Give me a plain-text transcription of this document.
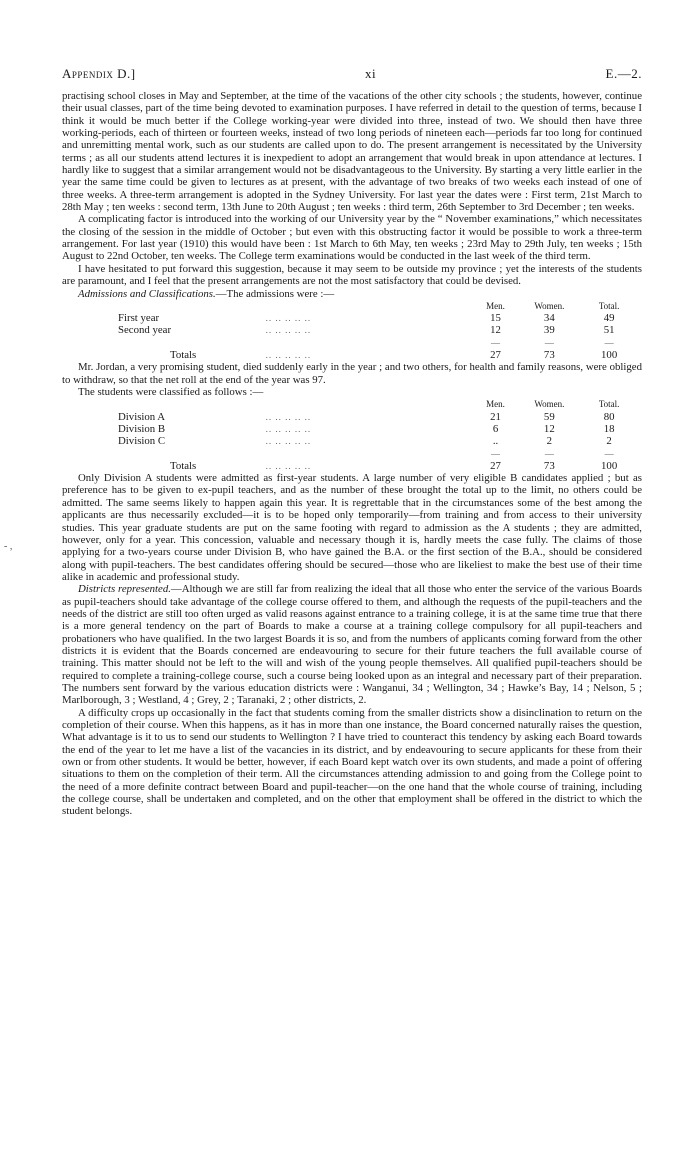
- ,
Appendix D.]	xi	E.—2.

practising school closes in May and September, at the time of the vacations of the other city schools ; the students, however, continue their usual classes, part of the time being devoted to examination purposes. I have referred in detail to the question of terms, because I think it would be much better if the College working-year were divided into three, instead of two. We should then have three working-periods, each of thirteen or fourteen weeks, instead of two long periods of nineteen each—periods far too long for continued and unremitting mental work, such as our students are called upon to do. The present arrangement is necessitated by the University terms ; as all our students attend lectures it is inexpedient to adopt an arrangement that would break in upon attendance at lectures. I hardly like to suggest that a similar arrangement would not be disadvantageous to the University. By starting a very little earlier in the year the same time could be given to lectures as at present, with the advantage of two breaks of two weeks each instead of one of three weeks. A three-term arrangement is adopted in the Sydney University. For last year the dates were : First term, 21st March to 28th May ; ten weeks : second term, 13th June to 20th August ; ten weeks : third term, 26th September to 3rd December ; ten weeks.

A complicating factor is introduced into the working of our University year by the “ November examinations,” which necessitates the closing of the session in the middle of October ; but even with this obstructing factor it would be possible to work a three-term arrangement. For last year (1910) this would have been : 1st March to 6th May, ten weeks ; 23rd May to 29th July, ten weeks ; 15th August to 22nd October, ten weeks. The College term examinations would be conducted in the last week of the third term.

I have hesitated to put forward this suggestion, because it may seem to be outside my province ; yet the interests of the students are paramount, and I feel that the present arrangements are not the most satisfactory that could be devised.

Admissions and Classifications.—The admissions were :—

		Men.	Women.	Total.
First year	.. .. .. .. ..	15	34	49
Second year	.. .. .. .. ..	12	39	51
		—	—	—
Totals	.. .. .. .. ..	27	73	100

Mr. Jordan, a very promising student, died suddenly early in the year ; and two others, for health and family reasons, were obliged to withdraw, so that the net roll at the end of the year was 97.

The students were classified as follows :—

		Men.	Women.	Total.
Division A	.. .. .. .. ..	21	59	80
Division B	.. .. .. .. ..	6	12	18
Division C	.. .. .. .. ..	..	2	2
		—	—	—
Totals	.. .. .. .. ..	27	73	100

Only Division A students were admitted as first-year students. A large number of very eligible B candidates applied ; but as preference has to be given to ex-pupil teachers, and as the number of these brought the total up to the limit, no others could be admitted. The same seems likely to happen again this year. It is regrettable that in the circumstances some of the best among the applicants are thus necessarily excluded—it is to be hoped only temporarily—from training and from access to their university studies. This year graduate students are put on the same footing with regard to admission as the A students ; they are admitted, however, only for a year. This concession, valuable and necessary though it is, hardly meets the case fully. The claims of those applying for a two-years course under Division B, who have gained the B.A. or the first section of the B.A., should be considered along with pupil-teachers. The best candidates offering should be secured—those who are likeliest to make the best use of their time alike in academic and professional study.

Districts represented.—Although we are still far from realizing the ideal that all those who enter the service of the various Boards as pupil-teachers should take advantage of the college course offered to them, and although the requests of the pupil-teachers and the needs of the district are still too often urged as valid reasons against entrance to a training college, it is at the same time true that there is a more general tendency on the part of Boards to make a course at a training college compulsory for all pupil-teachers and probationers who have qualified. In the two largest Boards it is so, and from the numbers of applicants coming forward from the other districts it is evident that the Boards concerned are endeavouring to secure for their future teachers the full available course of training. This matter should not be left to the will and wish of the young people themselves. All qualified pupil-teachers should be required to complete a training-college course, such a course being looked upon as an integral and necessary part of their preparation. The numbers sent forward by the various education districts were : Wanganui, 34 ; Wellington, 34 ; Hawke’s Bay, 14 ; Nelson, 5 ; Marlborough, 3 ; Westland, 4 ; Grey, 2 ; Taranaki, 2 ; other districts, 2.

A difficulty crops up occasionally in the fact that students coming from the smaller districts show a disinclination to return on the completion of their course. When this happens, as it has in more than one instance, the Board concerned naturally raises the question, What advantage is it to us to send our students to Wellington ? I have tried to counteract this tendency by asking each Board towards the end of the year to let me have a list of the vacancies in its district, and by endeavouring to secure applicants for these from their own or from other students. It would be better, however, if each Board kept watch over its own students, and made a point of offering situations to them on the completion of their term. All the circumstances attending admission to and going from the College point to the need of a more definite contract between Board and pupil-teacher—on the one hand that the whole course of training, including the college course, shall be undertaken and completed, and on the other that employment shall be offered in the district to which the student belongs.
